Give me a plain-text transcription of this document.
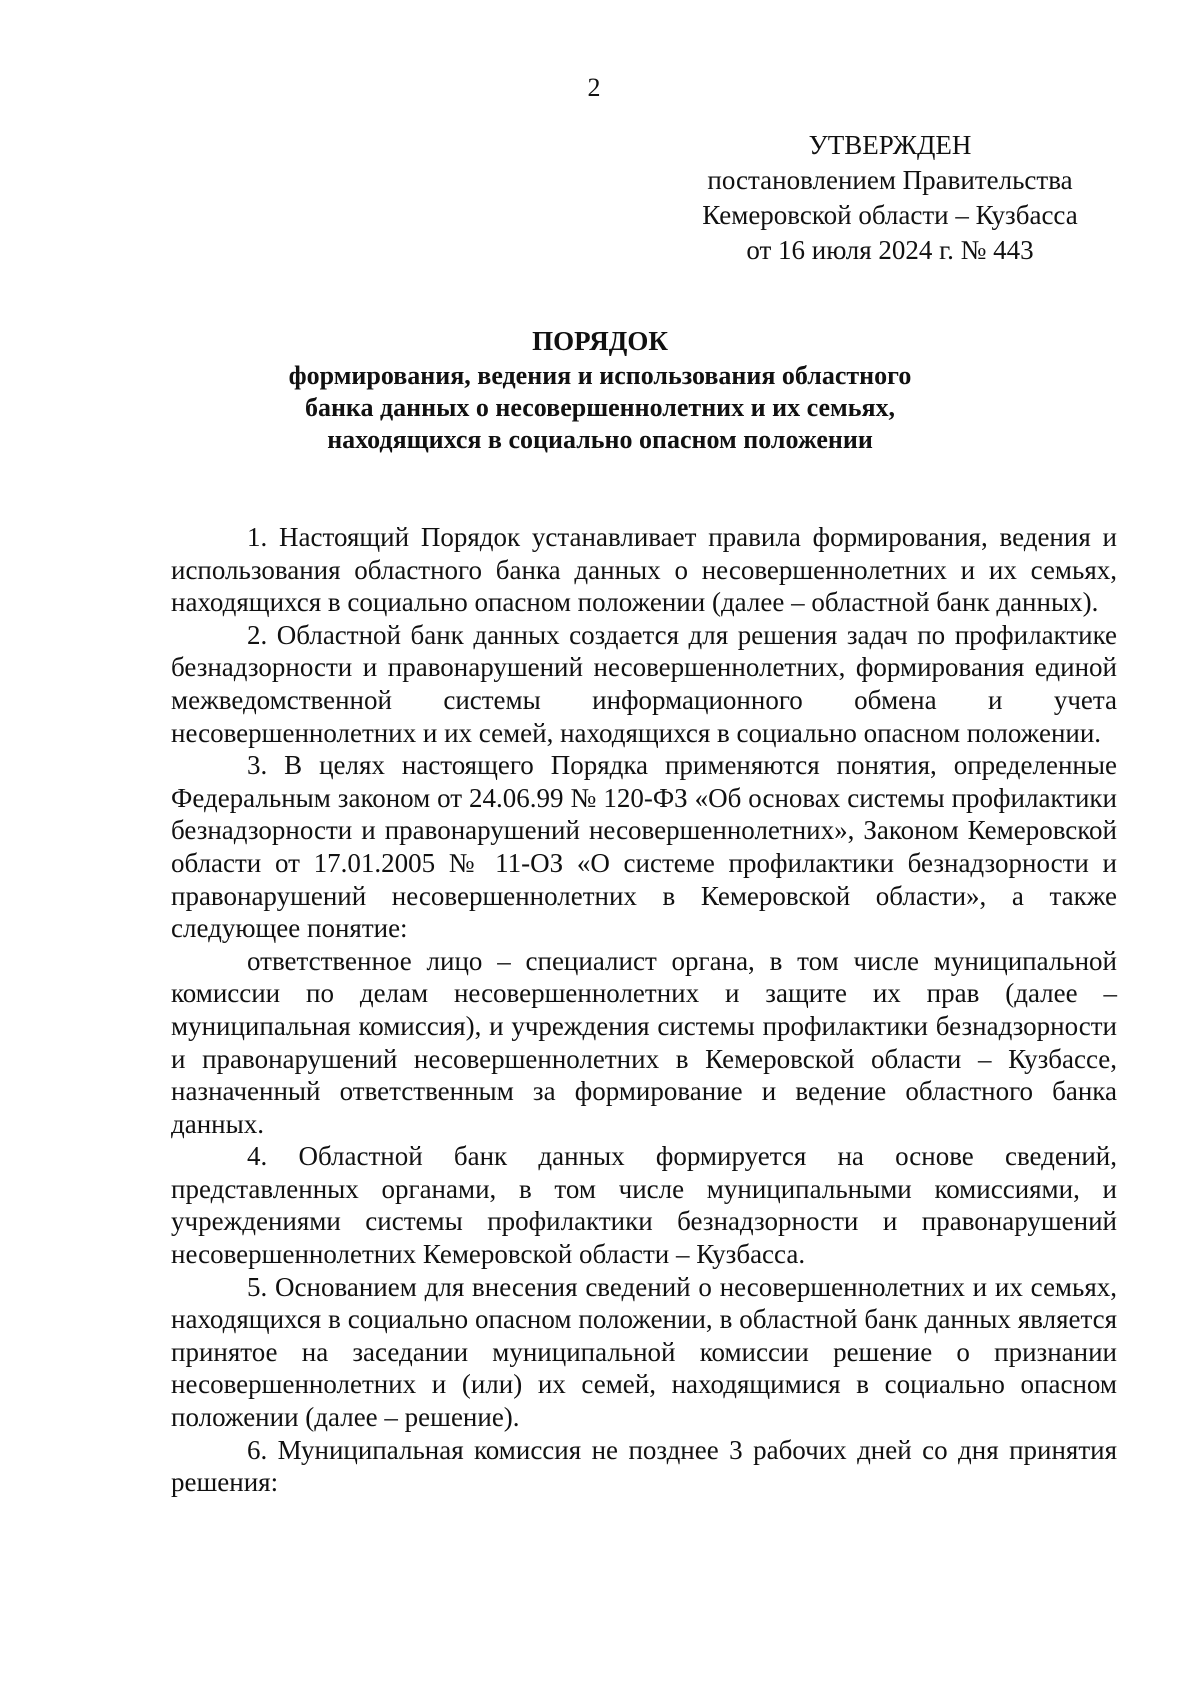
2
УТВЕРЖДЕН
постановлением Правительства
Кемеровской области – Кузбасса
от 16 июля 2024 г. № 443
ПОРЯДОК
формирования, ведения и использования областного
банка данных о несовершеннолетних и их семьях,
находящихся в социально опасном положении

1. Настоящий Порядок устанавливает правила формирования, ведения и использования областного банка данных о несовершеннолетних и их семьях, находящихся в социально опасном положении (далее – областной банк данных).

2. Областной банк данных создается для решения задач по профилактике безнадзорности и правонарушений несовершеннолетних, формирования единой межведомственной системы информационного обмена и учета несовершеннолетних и их семей, находящихся в социально опасном положении.

3. В целях настоящего Порядка применяются понятия, определенные Федеральным законом от 24.06.99 № 120-ФЗ «Об основах системы профилактики безнадзорности и правонарушений несовершеннолетних», Законом Кемеровской области от 17.01.2005 № 11-ОЗ «О системе профилактики безнадзорности и правонарушений несовершеннолетних в Кемеровской области», а также следующее понятие:

ответственное лицо – специалист органа, в том числе муниципальной комиссии по делам несовершеннолетних и защите их прав (далее – муниципальная комиссия), и учреждения системы профилактики безнадзорности и правонарушений несовершеннолетних в Кемеровской области – Кузбассе, назначенный ответственным за формирование и ведение областного банка данных.

4. Областной банк данных формируется на основе сведений, представленных органами, в том числе муниципальными комиссиями, и учреждениями системы профилактики безнадзорности и правонарушений несовершеннолетних Кемеровской области – Кузбасса.

5. Основанием для внесения сведений о несовершеннолетних и их семьях, находящихся в социально опасном положении, в областной банк данных является принятое на заседании муниципальной комиссии решение о признании несовершеннолетних и (или) их семей, находящимися в социально опасном положении (далее – решение).

6. Муниципальная комиссия не позднее 3 рабочих дней со дня принятия решения:
